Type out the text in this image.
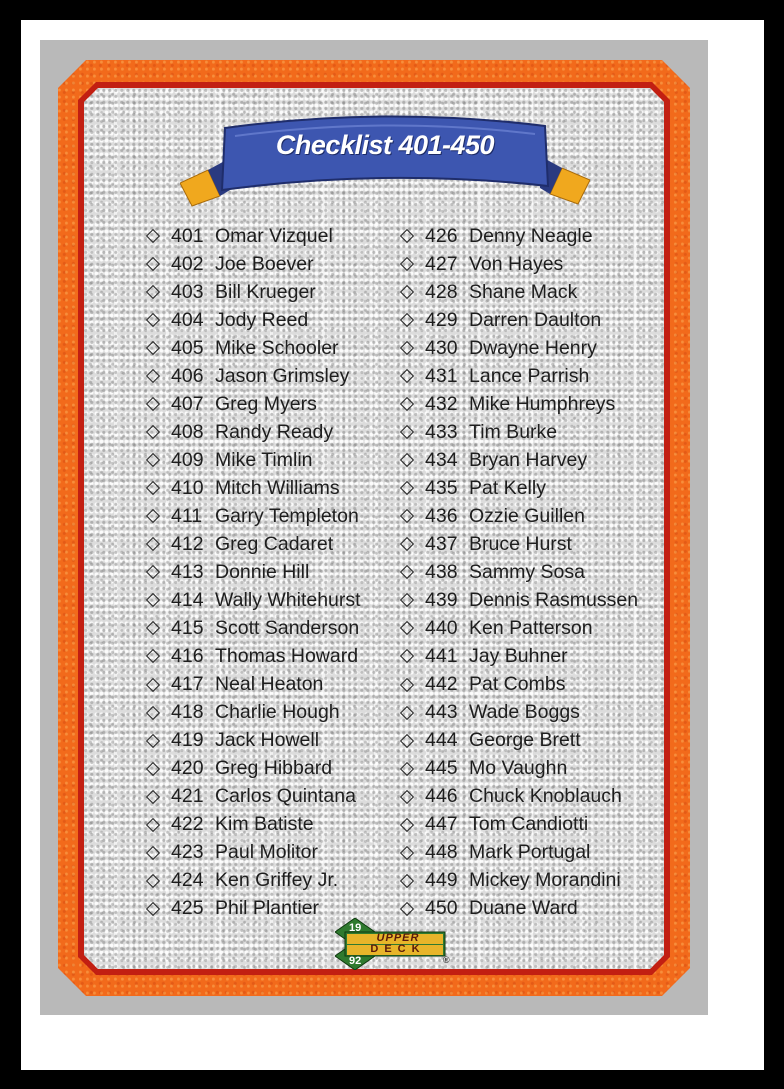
Checklist 401-450
401 Omar Vizquel
402 Joe Boever
403 Bill Krueger
404 Jody Reed
405 Mike Schooler
406 Jason Grimsley
407 Greg Myers
408 Randy Ready
409 Mike Timlin
410 Mitch Williams
411 Garry Templeton
412 Greg Cadaret
413 Donnie Hill
414 Wally Whitehurst
415 Scott Sanderson
416 Thomas Howard
417 Neal Heaton
418 Charlie Hough
419 Jack Howell
420 Greg Hibbard
421 Carlos Quintana
422 Kim Batiste
423 Paul Molitor
424 Ken Griffey Jr.
425 Phil Plantier
426 Denny Neagle
427 Von Hayes
428 Shane Mack
429 Darren Daulton
430 Dwayne Henry
431 Lance Parrish
432 Mike Humphreys
433 Tim Burke
434 Bryan Harvey
435 Pat Kelly
436 Ozzie Guillen
437 Bruce Hurst
438 Sammy Sosa
439 Dennis Rasmussen
440 Ken Patterson
441 Jay Buhner
442 Pat Combs
443 Wade Boggs
444 George Brett
445 Mo Vaughn
446 Chuck Knoblauch
447 Tom Candiotti
448 Mark Portugal
449 Mickey Morandini
450 Duane Ward
19
92
UPPER
DECK
®
